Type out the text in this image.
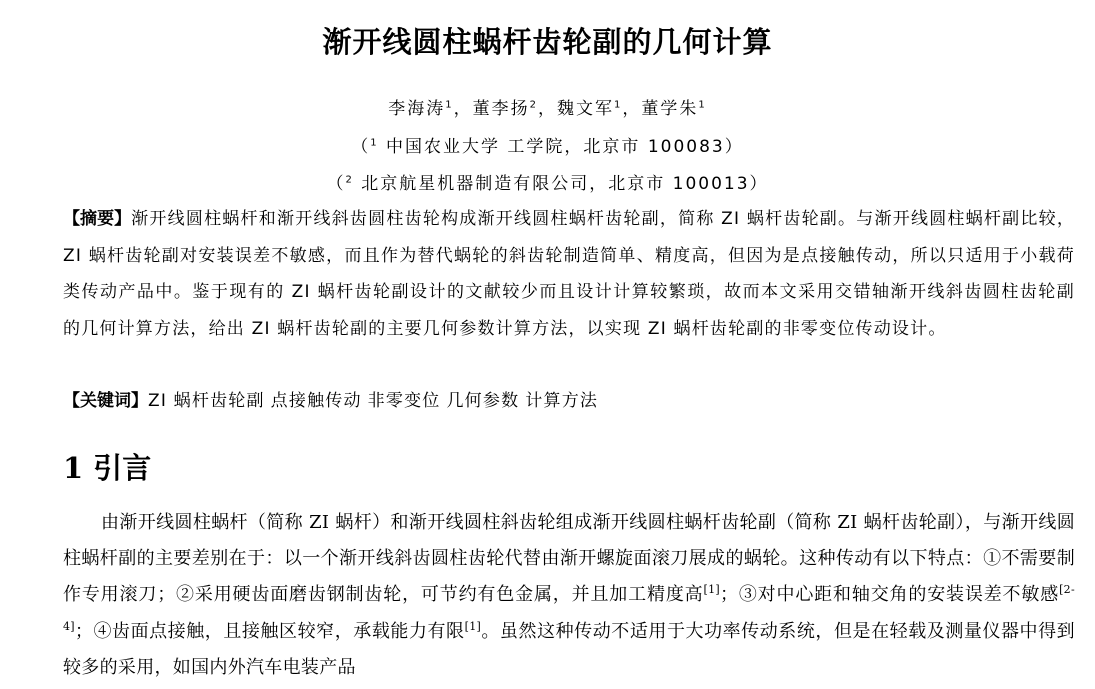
渐开线圆柱蜗杆齿轮副的几何计算
李海涛$^1$，董李扬$^2$，魏文军$^1$，董学朱$^1$
（$^1$ 中国农业大学 工学院，北京市 100083）
（$^2$ 北京航星机器制造有限公司，北京市 100013）
【摘要】渐开线圆柱蜗杆和渐开线斜齿圆柱齿轮构成渐开线圆柱蜗杆齿轮副，简称 ZI 蜗杆齿轮副。与渐开线圆柱蜗杆副比较，ZI 蜗杆齿轮副对安装误差不敏感，而且作为替代蜗轮的斜齿轮制造简单、精度高，但因为是点接触传动，所以只适用于小载荷类传动产品中。鉴于现有的 ZI 蜗杆齿轮副设计的文献较少而且设计计算较繁琐，故而本文采用交错轴渐开线斜齿圆柱齿轮副的几何计算方法，给出 ZI 蜗杆齿轮副的主要几何参数计算方法，以实现 ZI 蜗杆齿轮副的非零变位传动设计。
【关键词】ZI 蜗杆齿轮副 点接触传动 非零变位 几何参数 计算方法
1 引言
由渐开线圆柱蜗杆（简称 ZI 蜗杆）和渐开线圆柱斜齿轮组成渐开线圆柱蜗杆齿轮副（简称 ZI 蜗杆齿轮副），与渐开线圆柱蜗杆副的主要差别在于：以一个渐开线斜齿圆柱齿轮代替由渐开螺旋面滚刀展成的蜗轮。这种传动有以下特点：①不需要制作专用滚刀；②采用硬齿面磨齿钢制齿轮，可节约有色金属，并且加工精度高[1]；③对中心距和轴交角的安装误差不敏感[2-4]；④齿面点接触，且接触区较窄，承载能力有限[1]。虽然这种传动不适用于大功率传动系统，但是在轻载及测量仪器中得到较多的采用，如国内外汽车电装产品
